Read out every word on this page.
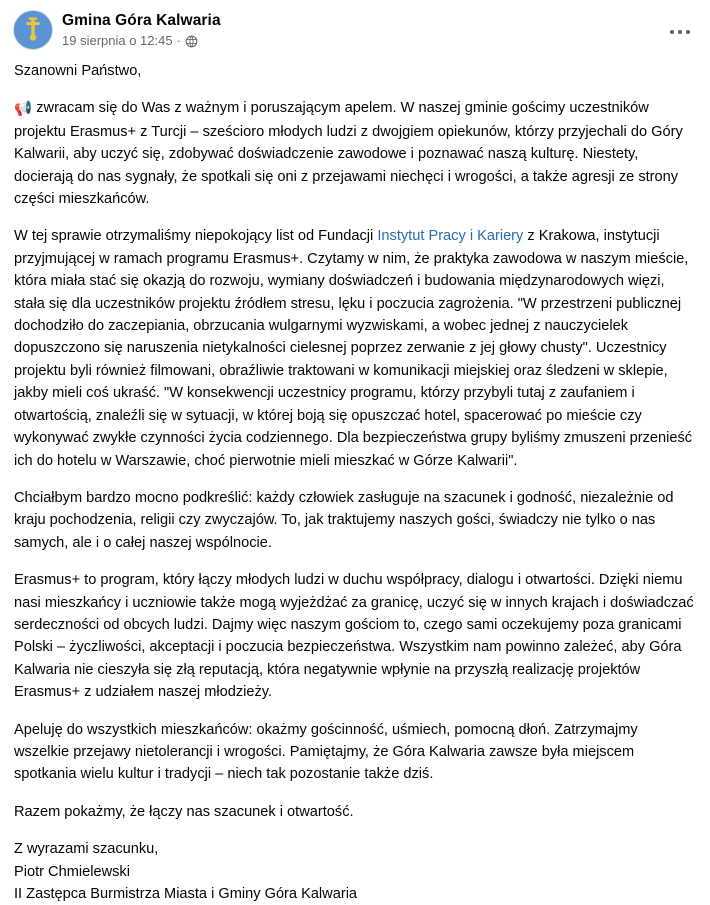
Gmina Góra Kalwaria
19 sierpnia o 12:45 ·

Szanowni Państwo,

📢 zwracam się do Was z ważnym i poruszającym apelem. W naszej gminie gościmy uczestników projektu Erasmus+ z Turcji – sześcioro młodych ludzi z dwojgiem opiekunów, którzy przyjechali do Góry Kalwarii, aby uczyć się, zdobywać doświadczenie zawodowe i poznawać naszą kulturę. Niestety, docierają do nas sygnały, że spotkali się oni z przejawami niechęci i wrogości, a także agresji ze strony części mieszkańców.

W tej sprawie otrzymaliśmy niepokojący list od Fundacji Instytut Pracy i Kariery z Krakowa, instytucji przyjmującej w ramach programu Erasmus+. Czytamy w nim, że praktyka zawodowa w naszym mieście, która miała stać się okazją do rozwoju, wymiany doświadczeń i budowania międzynarodowych więzi, stała się dla uczestników projektu źródłem stresu, lęku i poczucia zagrożenia. "W przestrzeni publicznej dochodziło do zaczepiania, obrzucania wulgarnymi wyzwiskami, a wobec jednej z nauczycielek dopuszczono się naruszenia nietykalności cielesnej poprzez zerwanie z jej głowy chusty". Uczestnicy projektu byli również filmowani, obraźliwie traktowani w komunikacji miejskiej oraz śledzeni w sklepie, jakby mieli coś ukraść. "W konsekwencji uczestnicy programu, którzy przybyli tutaj z zaufaniem i otwartością, znaleźli się w sytuacji, w której boją się opuszczać hotel, spacerować po mieście czy wykonywać zwykłe czynności życia codziennego. Dla bezpieczeństwa grupy byliśmy zmuszeni przenieść ich do hotelu w Warszawie, choć pierwotnie mieli mieszkać w Górze Kalwarii".

Chciałbym bardzo mocno podkreślić: każdy człowiek zasługuje na szacunek i godność, niezależnie od kraju pochodzenia, religii czy zwyczajów. To, jak traktujemy naszych gości, świadczy nie tylko o nas samych, ale i o całej naszej wspólnocie.

Erasmus+ to program, który łączy młodych ludzi w duchu współpracy, dialogu i otwartości. Dzięki niemu nasi mieszkańcy i uczniowie także mogą wyjeżdżać za granicę, uczyć się w innych krajach i doświadczać serdeczności od obcych ludzi. Dajmy więc naszym gościom to, czego sami oczekujemy poza granicami Polski – życzliwości, akceptacji i poczucia bezpieczeństwa. Wszystkim nam powinno zależeć, aby Góra Kalwaria nie cieszyła się złą reputacją, która negatywnie wpłynie na przyszłą realizację projektów Erasmus+ z udziałem naszej młodzieży.

Apeluję do wszystkich mieszkańców: okażmy gościnność, uśmiech, pomocną dłoń. Zatrzymajmy wszelkie przejawy nietolerancji i wrogości. Pamiętajmy, że Góra Kalwaria zawsze była miejscem spotkania wielu kultur i tradycji – niech tak pozostanie także dziś.

Razem pokażmy, że łączy nas szacunek i otwartość.

Z wyrazami szacunku,
Piotr Chmielewski
II Zastępca Burmistrza Miasta i Gminy Góra Kalwaria
